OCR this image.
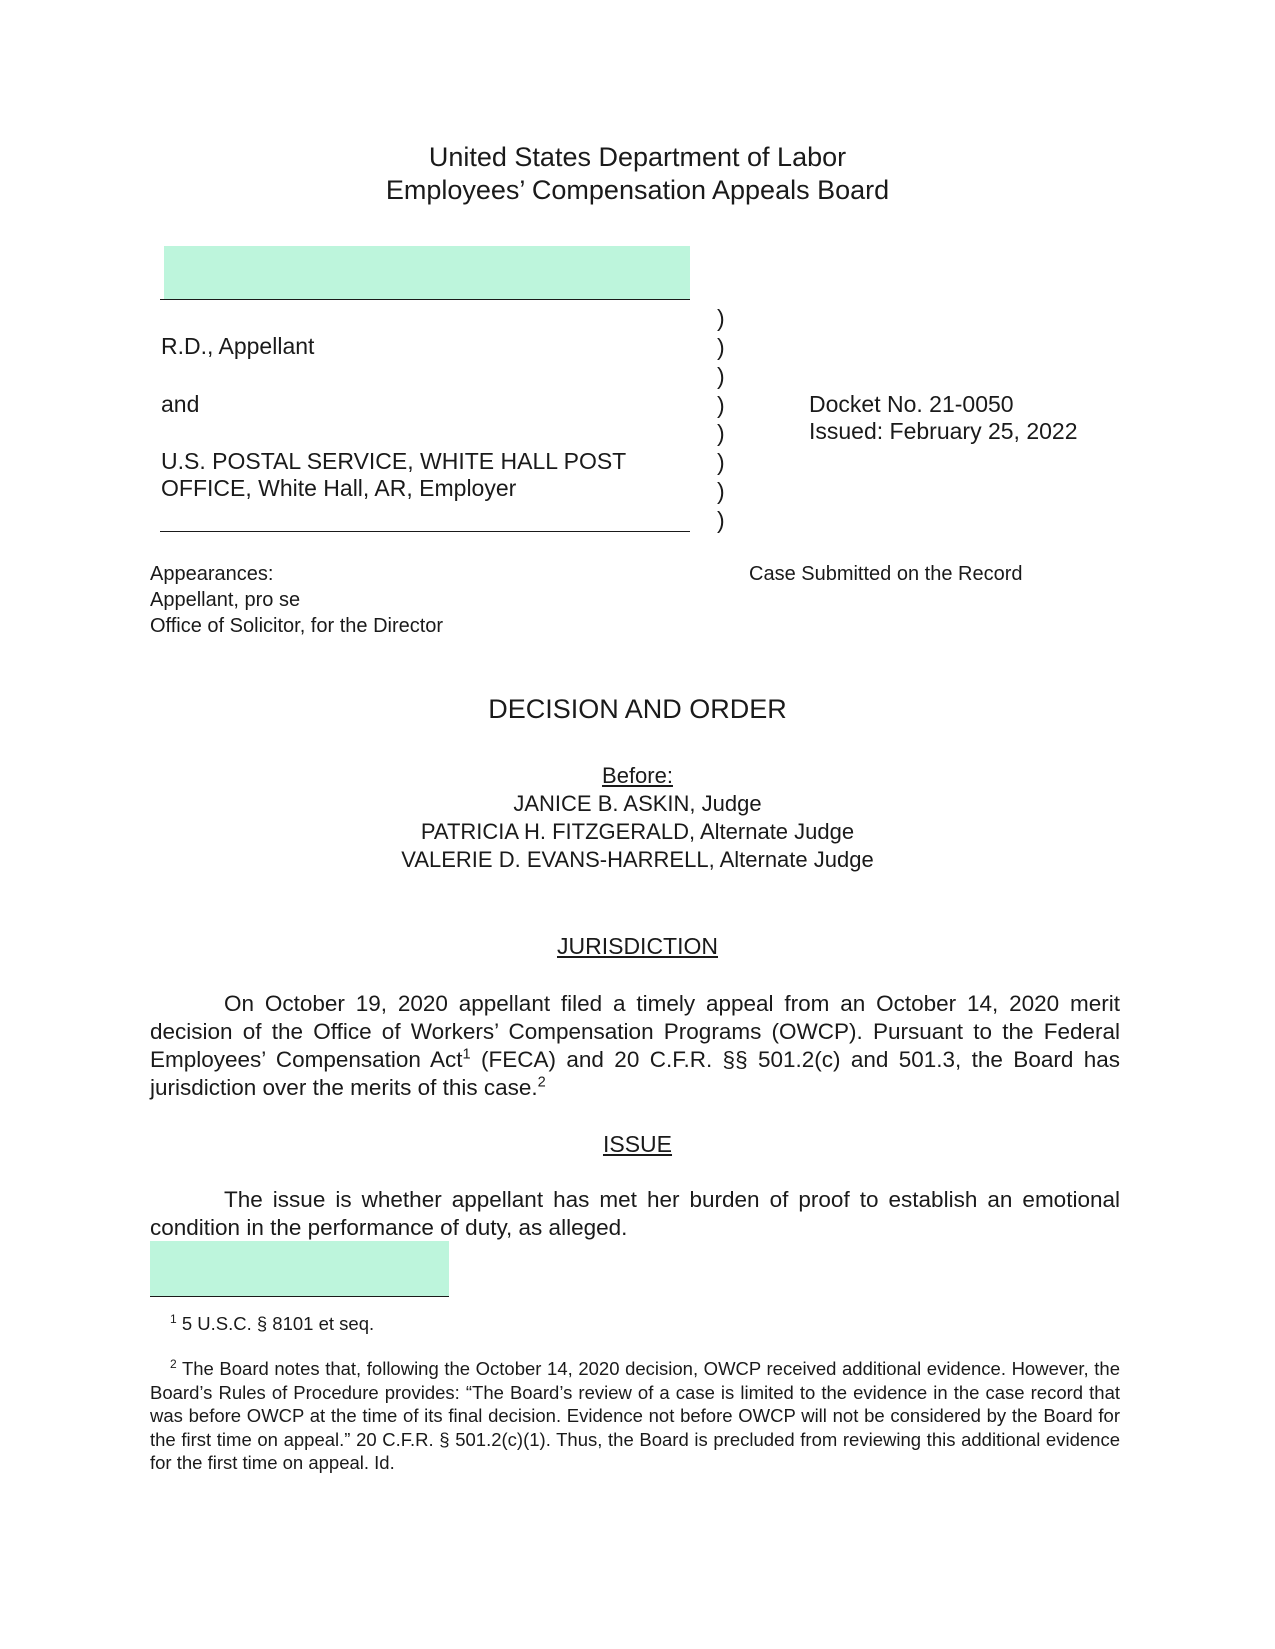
United States Department of Labor
Employees’ Compensation Appeals Board
R.D., Appellant
and
U.S. POSTAL SERVICE, WHITE HALL POST
OFFICE, White Hall, AR, Employer
)
)
)
)
)
)
)
)
Docket No. 21-0050
Issued: February 25, 2022
Appearances:
Appellant, pro se
Office of Solicitor, for the Director
Case Submitted on the Record
DECISION AND ORDER
Before:
JANICE B. ASKIN, Judge
PATRICIA H. FITZGERALD, Alternate Judge
VALERIE D. EVANS-HARRELL, Alternate Judge
JURISDICTION
On October 19, 2020 appellant filed a timely appeal from an October 14, 2020 merit decision of the Office of Workers’ Compensation Programs (OWCP). Pursuant to the Federal Employees’ Compensation Act$^1$ (FECA) and 20 C.F.R. §§ 501.2(c) and 501.3, the Board has jurisdiction over the merits of this case.$^2$
ISSUE
The issue is whether appellant has met her burden of proof to establish an emotional condition in the performance of duty, as alleged.
$^1$ 5 U.S.C. § 8101 et seq.
$^2$ The Board notes that, following the October 14, 2020 decision, OWCP received additional evidence. However, the Board’s Rules of Procedure provides: “The Board’s review of a case is limited to the evidence in the case record that was before OWCP at the time of its final decision. Evidence not before OWCP will not be considered by the Board for the first time on appeal.” 20 C.F.R. § 501.2(c)(1). Thus, the Board is precluded from reviewing this additional evidence for the first time on appeal. Id.
